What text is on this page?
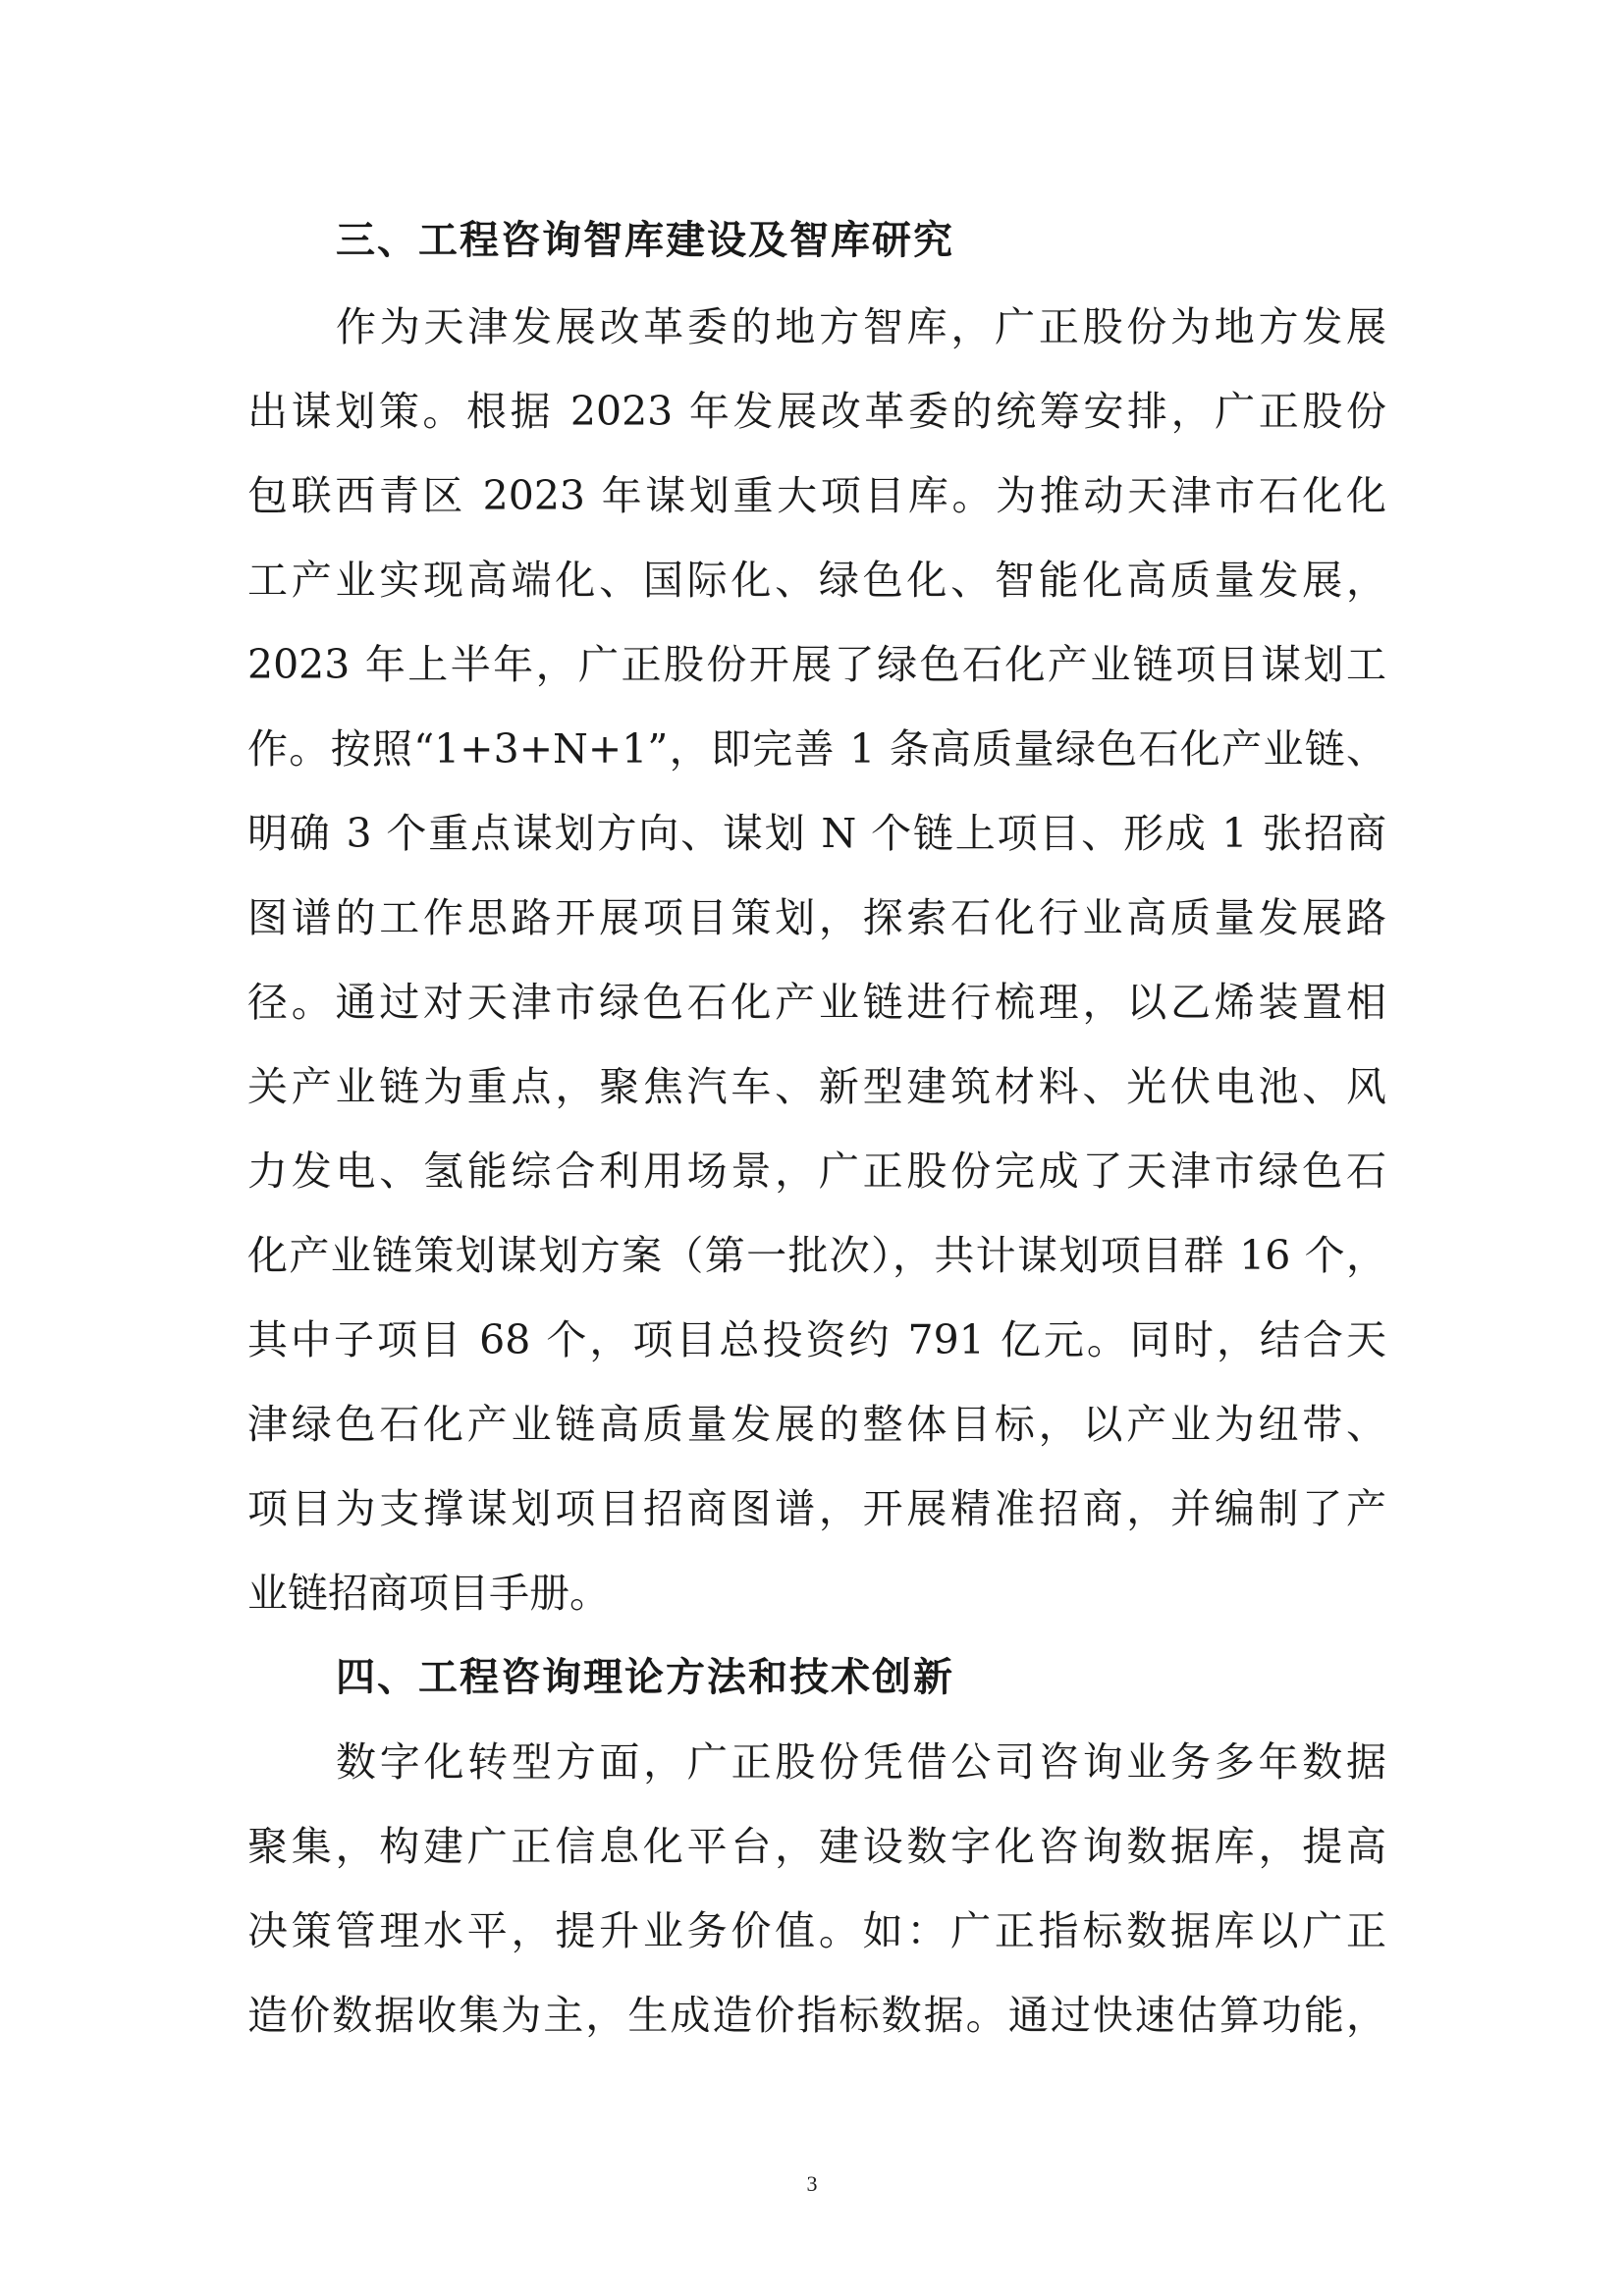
三、工程咨询智库建设及智库研究
作为天津发展改革委的地方智库，广正股份为地方发展
出谋划策。根据 2023 年发展改革委的统筹安排，广正股份
包联西青区 2023 年谋划重大项目库。为推动天津市石化化
工产业实现高端化、国际化、绿色化、智能化高质量发展，
2023 年上半年，广正股份开展了绿色石化产业链项目谋划工
作。按照“1+3+N+1”，即完善 1 条高质量绿色石化产业链、
明确 3 个重点谋划方向、谋划 N 个链上项目、形成 1 张招商
图谱的工作思路开展项目策划，探索石化行业高质量发展路
径。通过对天津市绿色石化产业链进行梳理，以乙烯装置相
关产业链为重点，聚焦汽车、新型建筑材料、光伏电池、风
力发电、氢能综合利用场景，广正股份完成了天津市绿色石
化产业链策划谋划方案（第一批次），共计谋划项目群 16 个，
其中子项目 68 个，项目总投资约 791 亿元。同时，结合天
津绿色石化产业链高质量发展的整体目标，以产业为纽带、
项目为支撑谋划项目招商图谱，开展精准招商，并编制了产
业链招商项目手册。
四、工程咨询理论方法和技术创新
数字化转型方面，广正股份凭借公司咨询业务多年数据
聚集，构建广正信息化平台，建设数字化咨询数据库，提高
决策管理水平，提升业务价值。如：广正指标数据库以广正
造价数据收集为主，生成造价指标数据。通过快速估算功能，
3
